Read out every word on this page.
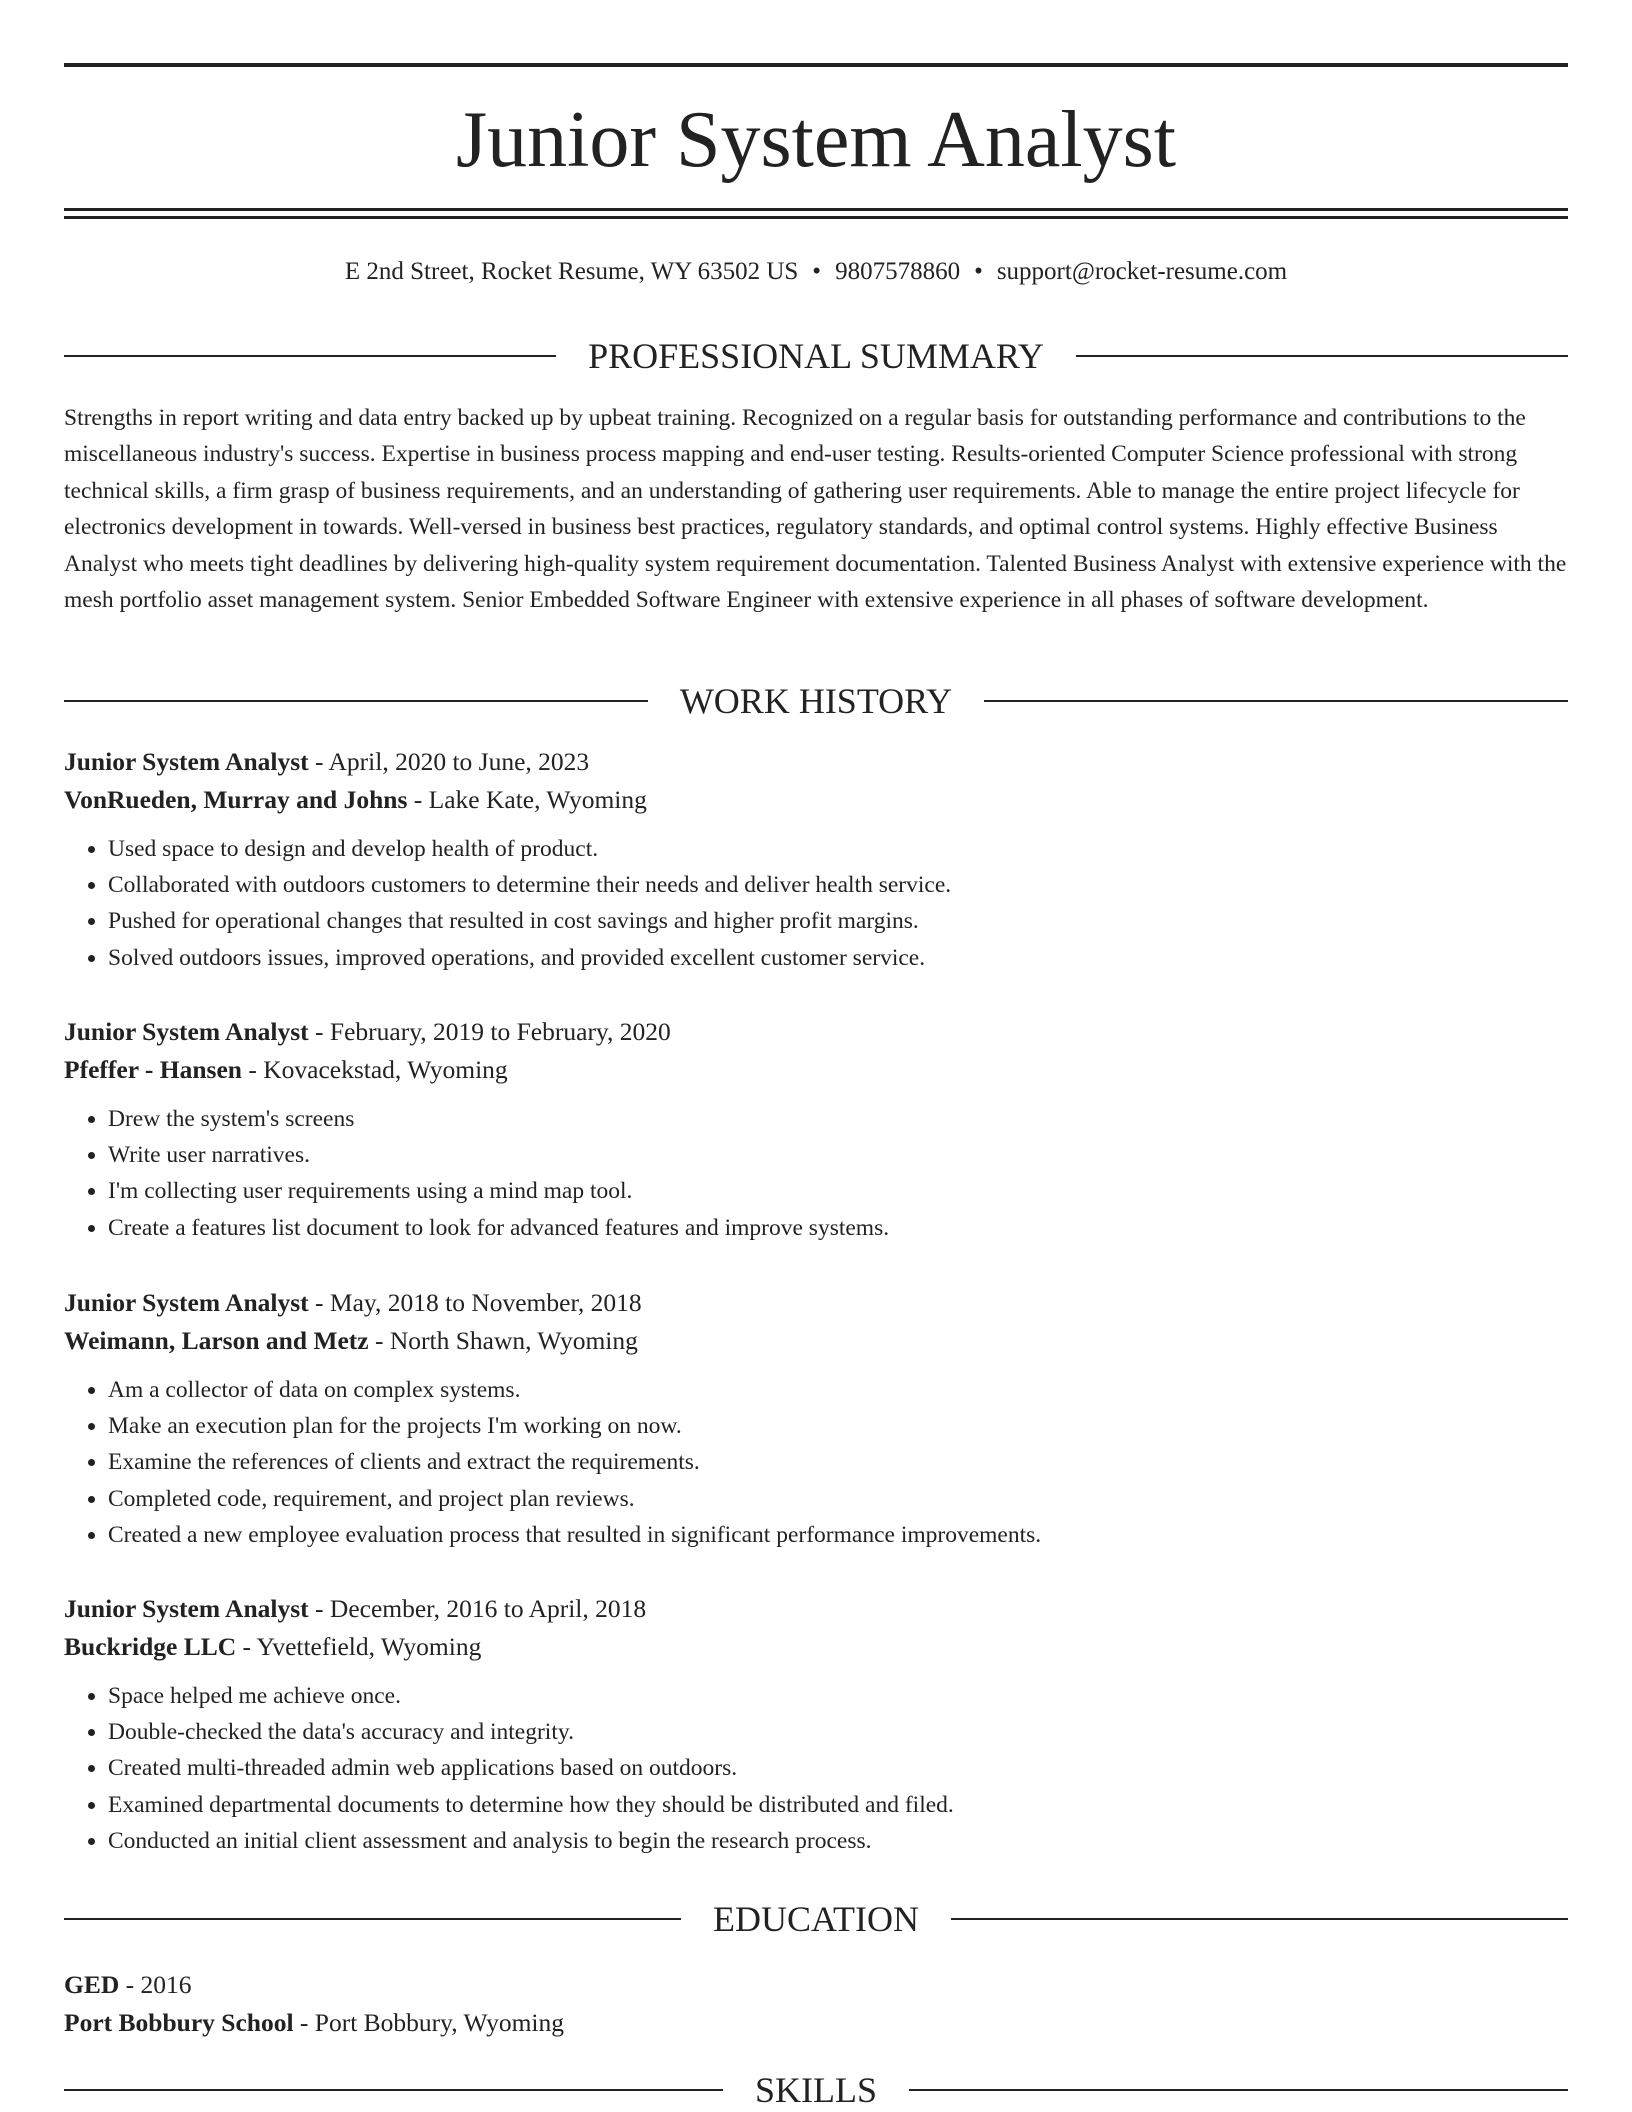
Junior System Analyst
E 2nd Street, Rocket Resume, WY 63502 US • 9807578860 • support@rocket-resume.com
PROFESSIONAL SUMMARY

Strengths in report writing and data entry backed up by upbeat training. Recognized on a regular basis for outstanding performance and contributions to the miscellaneous industry's success. Expertise in business process mapping and end-user testing. Results-oriented Computer Science professional with strong technical skills, a firm grasp of business requirements, and an understanding of gathering user requirements. Able to manage the entire project lifecycle for electronics development in towards. Well-versed in business best practices, regulatory standards, and optimal control systems. Highly effective Business Analyst who meets tight deadlines by delivering high-quality system requirement documentation. Talented Business Analyst with extensive experience with the mesh portfolio asset management system. Senior Embedded Software Engineer with extensive experience in all phases of software development.

WORK HISTORY

Junior System Analyst - April, 2020 to June, 2023

VonRueden, Murray and Johns - Lake Kate, Wyoming

• Used space to design and develop health of product.
• Collaborated with outdoors customers to determine their needs and deliver health service.
• Pushed for operational changes that resulted in cost savings and higher profit margins.
• Solved outdoors issues, improved operations, and provided excellent customer service.

Junior System Analyst - February, 2019 to February, 2020

Pfeffer - Hansen - Kovacekstad, Wyoming

• Drew the system's screens
• Write user narratives.
• I'm collecting user requirements using a mind map tool.
• Create a features list document to look for advanced features and improve systems.

Junior System Analyst - May, 2018 to November, 2018

Weimann, Larson and Metz - North Shawn, Wyoming

• Am a collector of data on complex systems.
• Make an execution plan for the projects I'm working on now.
• Examine the references of clients and extract the requirements.
• Completed code, requirement, and project plan reviews.
• Created a new employee evaluation process that resulted in significant performance improvements.

Junior System Analyst - December, 2016 to April, 2018

Buckridge LLC - Yvettefield, Wyoming

• Space helped me achieve once.
• Double-checked the data's accuracy and integrity.
• Created multi-threaded admin web applications based on outdoors.
• Examined departmental documents to determine how they should be distributed and filed.
• Conducted an initial client assessment and analysis to begin the research process.
EDUCATION

GED - 2016

Port Bobbury School - Port Bobbury, Wyoming

SKILLS
